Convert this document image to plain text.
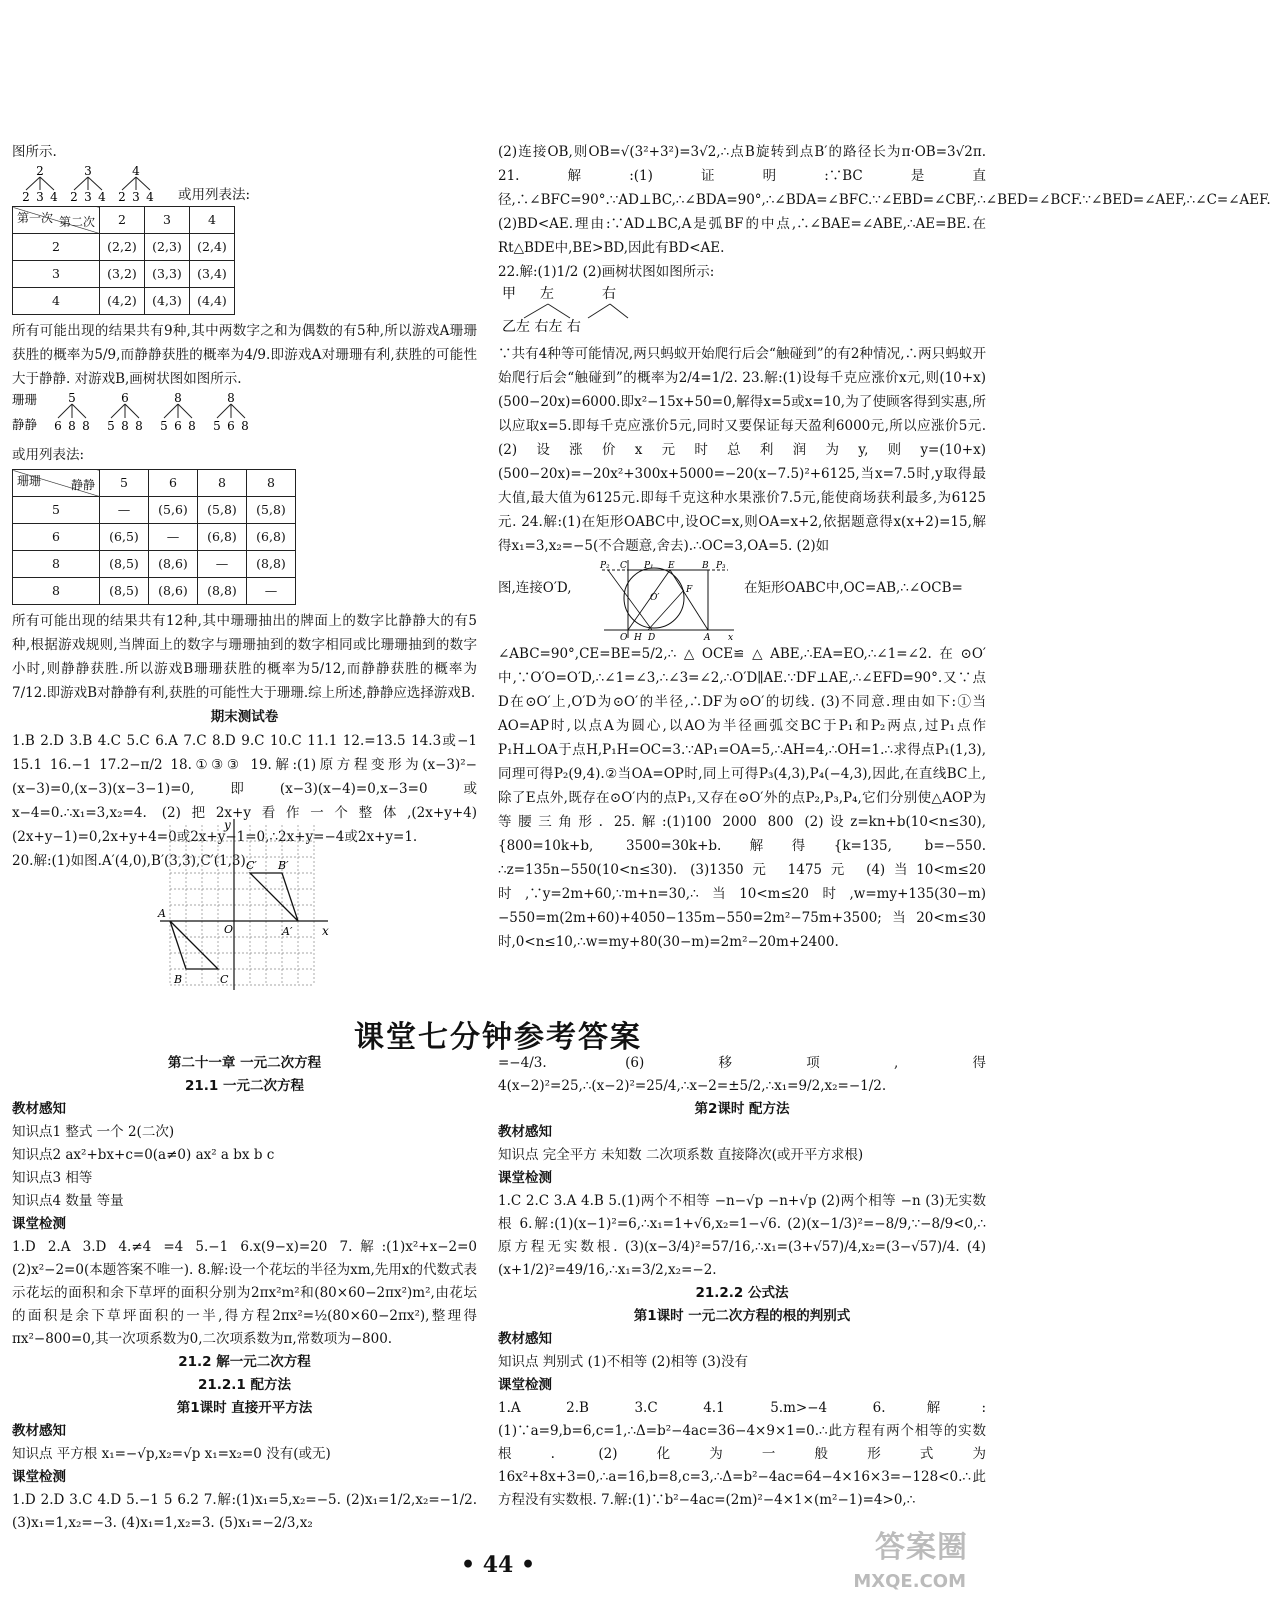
图所示.

2	3	4
2 3 4 2 3 4 2 3 4 或用列表法:
第二次
第一次	2	3	4
2	(2,2)	(2,3)	(2,4)
3	(3,2)	(3,3)	(3,4)
4	(4,2)	(4,3)	(4,4)

所有可能出现的结果共有9种,其中两数字之和为偶数的有5种,所以游戏A珊珊获胜的概率为5/9,而静静获胜的概率为4/9.即游戏A对珊珊有利,获胜的可能性大于静静. 对游戏B,画树状图如图所示.

珊珊
静静
5	6	8	8
6 8 8 5 8 8 5 6 8 5 6 8

或用列表法:

静静
珊珊	5	6	8	8
5	—	(5,6)	(5,8)	(5,8)
6	(6,5)	—	(6,8)	(6,8)
8	(8,5)	(8,6)	—	(8,8)
8	(8,5)	(8,6)	(8,8)	—

所有可能出现的结果共有12种,其中珊珊抽出的牌面上的数字比静静大的有5种,根据游戏规则,当牌面上的数字与珊珊抽到的数字相同或比珊珊抽到的数字小时,则静静获胜.所以游戏B珊珊获胜的概率为5/12,而静静获胜的概率为7/12.即游戏B对静静有利,获胜的可能性大于珊珊.综上所述,静静应选择游戏B.

期末测试卷

1.B 2.D 3.B 4.C 5.C 6.A 7.C 8.D 9.C 10.C 11.1 12.=13.5 14.3或−1 15.1 16.−1 17.2−π/2 18.①③③ 19.解:(1)原方程变形为(x−3)²−(x−3)=0,(x−3)(x−3−1)=0,即(x−3)(x−4)=0,x−3=0或x−4=0.∴x₁=3,x₂=4. (2)把2x+y看作一个整体,(2x+y+4)(2x+y−1)=0,2x+y+4=0或2x+y−1=0,∴2x+y=−4或2x+y=1.

20.解:(1)如图.A′(4,0),B′(3,3),C′(1,3).

x
y
O
A
B	C
A′
B′
C′

(2)连接OB,则OB=√(3²+3²)=3√2,∴点B旋转到点B′的路径长为π·OB=3√2π. 21.解:(1)证明:∵BC是直径,∴∠BFC=90°.∵AD⊥BC,∴∠BDA=90°,∴∠BDA=∠BFC.∵∠EBD=∠CBF,∴∠BED=∠BCF.∵∠BED=∠AEF,∴∠C=∠AEF. (2)BD<AE.理由:∵AD⊥BC,A是弧BF的中点,∴∠BAE=∠ABE,∴AE=BE.在Rt△BDE中,BE>BD,因此有BD<AE.

22.解:(1)1/2 (2)画树状图如图所示:

甲 左	右
乙左 右左 右

∵共有4种等可能情况,两只蚂蚁开始爬行后会“触碰到”的有2种情况,∴两只蚂蚁开始爬行后会“触碰到”的概率为2/4=1/2. 23.解:(1)设每千克应涨价x元,则(10+x)(500−20x)=6000.即x²−15x+50=0,解得x=5或x=10,为了使顾客得到实惠,所以应取x=5.即每千克应涨价5元,同时又要保证每天盈利6000元,所以应涨价5元. (2)设涨价x元时总利润为y,则y=(10+x)(500−20x)=−20x²+300x+5000=−20(x−7.5)²+6125,当x=7.5时,y取得最大值,最大值为6125元.即每千克这种水果涨价7.5元,能使商场获利最多,为6125元. 24.解:(1)在矩形OABC中,设OC=x,则OA=x+2,依据题意得x(x+2)=15,解得x₁=3,x₂=−5(不合题意,舍去).∴OC=3,OA=5. (2)如

图,连接O′D,
P₂ C P₁ E	B P₃
O′
F
O H D	A x
在矩形OABC中,OC=AB,∴∠OCB=

∠ABC=90°,CE=BE=5/2,∴△OCE≌△ABE,∴EA=EO,∴∠1=∠2.在⊙O′中,∵O′O=O′D,∴∠1=∠3,∴∠3=∠2,∴O′D∥AE.∵DF⊥AE,∴∠EFD=90°.又∵点D在⊙O′上,O′D为⊙O′的半径,∴DF为⊙O′的切线. (3)不同意.理由如下:①当AO=AP时,以点A为圆心,以AO为半径画弧交BC于P₁和P₂两点,过P₁点作P₁H⊥OA于点H,P₁H=OC=3.∵AP₁=OA=5,∴AH=4,∴OH=1.∴求得点P₁(1,3),同理可得P₂(9,4).②当OA=OP时,同上可得P₃(4,3),P₄(−4,3),因此,在直线BC上,除了E点外,既存在⊙O′内的点P₁,又存在⊙O′外的点P₂,P₃,P₄,它们分别使△AOP为等腰三角形. 25.解:(1)100 2000 800 (2)设z=kn+b(10<n≤30),{800=10k+b, 3500=30k+b.解得{k=135, b=−550. ∴z=135n−550(10<n≤30). (3)1350元 1475元 (4)当10<m≤20时,∵y=2m+60,∵m+n=30,∴当10<m≤20时,w=my+135(30−m)−550=m(2m+60)+4050−135m−550=2m²−75m+3500;当20<m≤30时,0<n≤10,∴w=my+80(30−m)=2m²−20m+2400.

课堂七分钟参考答案

第二十一章 一元二次方程

21.1 一元二次方程

教材感知

知识点1 整式 一个 2(二次)

知识点2 ax²+bx+c=0(a≠0) ax² a bx b c

知识点3 相等

知识点4 数量 等量

课堂检测

1.D 2.A 3.D 4.≠4 =4 5.−1 6.x(9−x)=20 7.解:(1)x²+x−2=0 (2)x²−2=0(本题答案不唯一). 8.解:设一个花坛的半径为xm,先用x的代数式表示花坛的面积和余下草坪的面积分别为2πx²m²和(80×60−2πx²)m²,由花坛的面积是余下草坪面积的一半,得方程2πx²=½(80×60−2πx²),整理得πx²−800=0,其一次项系数为0,二次项系数为π,常数项为−800.

21.2 解一元二次方程

21.2.1 配方法

第1课时 直接开平方法

教材感知

知识点 平方根 x₁=−√p,x₂=√p x₁=x₂=0 没有(或无)

课堂检测

1.D 2.D 3.C 4.D 5.−1 5 6.2 7.解:(1)x₁=5,x₂=−5. (2)x₁=1/2,x₂=−1/2. (3)x₁=1,x₂=−3. (4)x₁=1,x₂=3. (5)x₁=−2/3,x₂

=−4/3. (6)移项,得4(x−2)²=25,∴(x−2)²=25/4,∴x−2=±5/2,∴x₁=9/2,x₂=−1/2.

第2课时 配方法

教材感知

知识点 完全平方 未知数 二次项系数 直接降次(或开平方求根)

课堂检测

1.C 2.C 3.A 4.B 5.(1)两个不相等 −n−√p −n+√p (2)两个相等 −n (3)无实数根 6.解:(1)(x−1)²=6,∴x₁=1+√6,x₂=1−√6. (2)(x−1/3)²=−8/9,∵−8/9<0,∴原方程无实数根. (3)(x−3/4)²=57/16,∴x₁=(3+√57)/4,x₂=(3−√57)/4. (4)(x+1/2)²=49/16,∴x₁=3/2,x₂=−2.

21.2.2 公式法

第1课时 一元二次方程的根的判别式

教材感知

知识点 判别式 (1)不相等 (2)相等 (3)没有

课堂检测

1.A 2.B 3.C 4.1 5.m>−4 6.解:(1)∵a=9,b=6,c=1,∴Δ=b²−4ac=36−4×9×1=0.∴此方程有两个相等的实数根. (2)化为一般形式为16x²+8x+3=0,∴a=16,b=8,c=3,∴Δ=b²−4ac=64−4×16×3=−128<0.∴此方程没有实数根. 7.解:(1)∵b²−4ac=(2m)²−4×1×(m²−1)=4>0,∴

• 44 •	答案圈
MXQE.COM
